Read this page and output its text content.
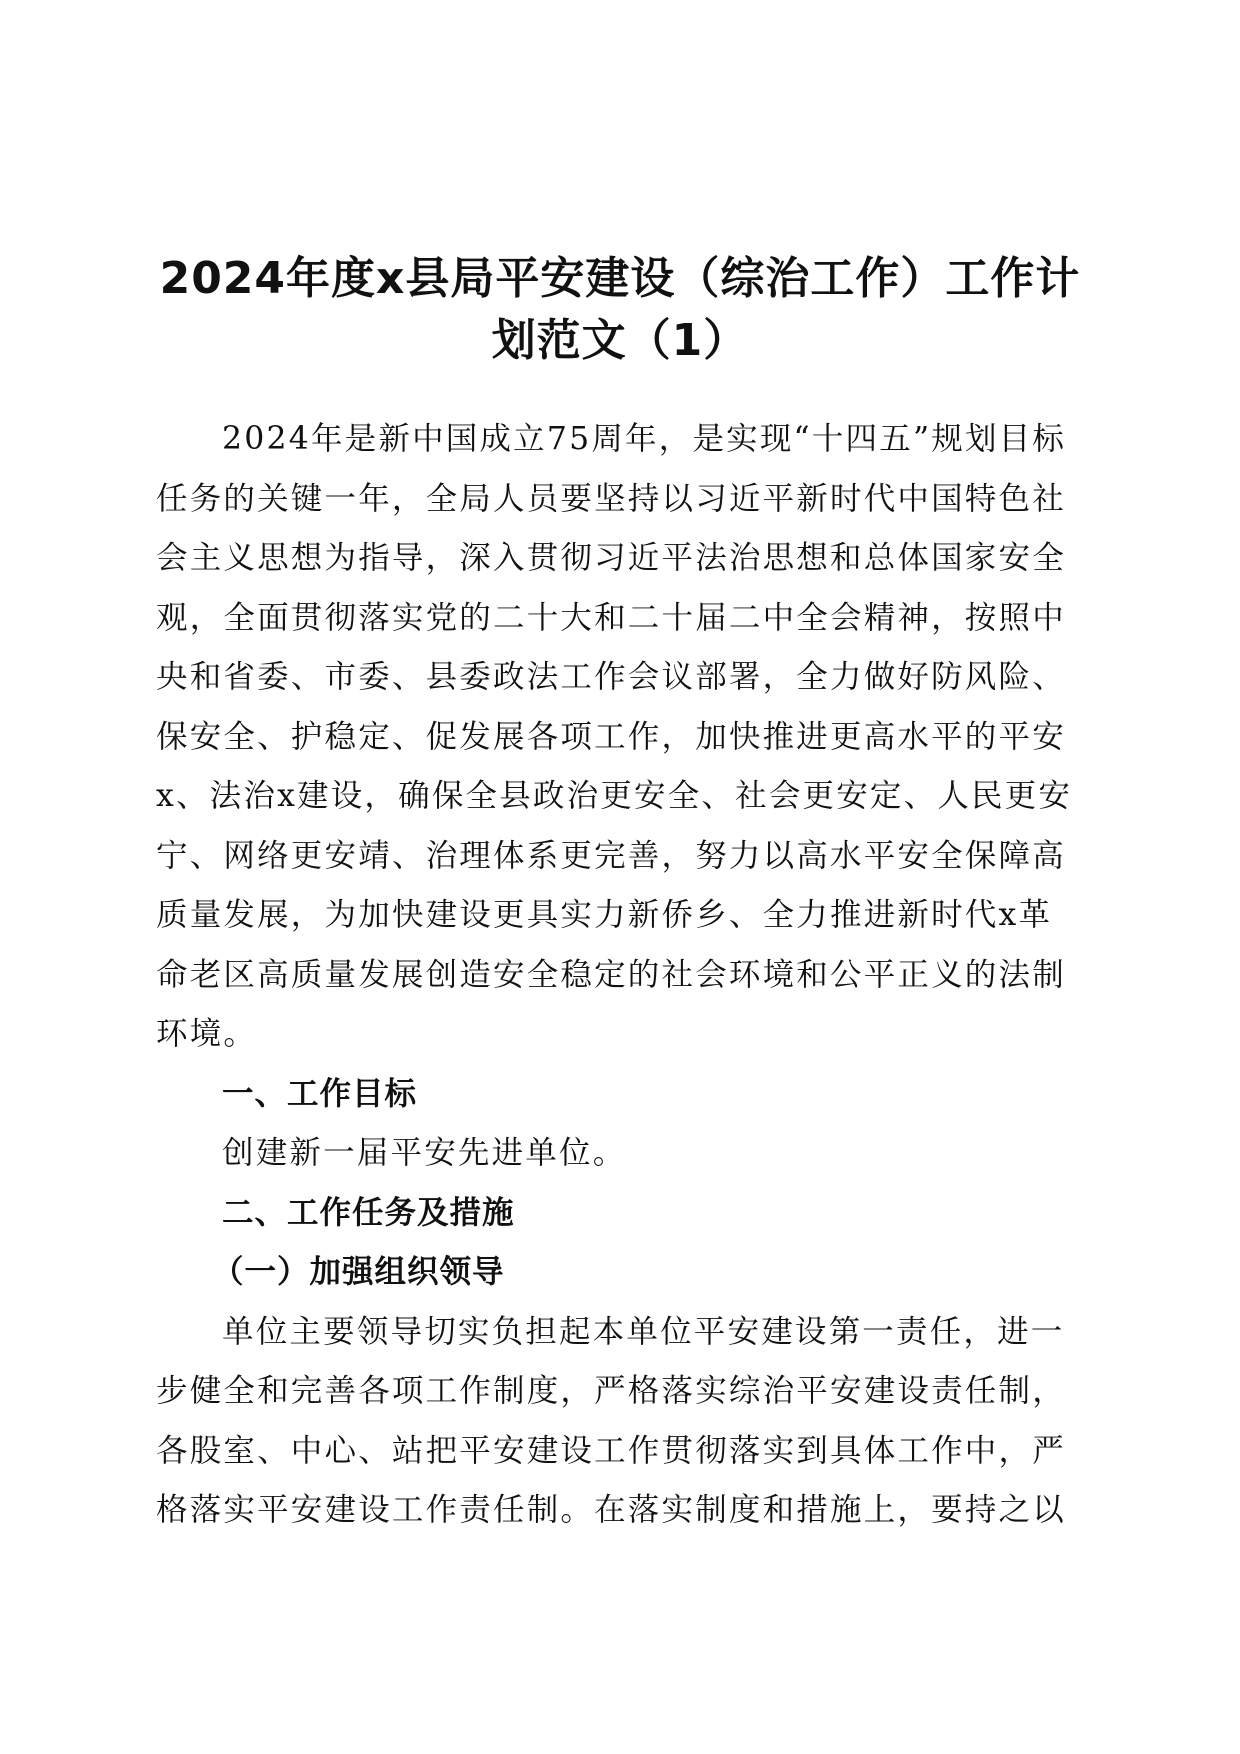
2024年度x县局平安建设（综治工作）工作计
划范文（1）
2024年是新中国成立75周年，是实现“十四五”规划目标
任务的关键一年，全局人员要坚持以习近平新时代中国特色社
会主义思想为指导，深入贯彻习近平法治思想和总体国家安全
观，全面贯彻落实党的二十大和二十届二中全会精神，按照中
央和省委、市委、县委政法工作会议部署，全力做好防风险、
保安全、护稳定、促发展各项工作，加快推进更高水平的平安
x、法治x建设，确保全县政治更安全、社会更安定、人民更安
宁、网络更安靖、治理体系更完善，努力以高水平安全保障高
质量发展，为加快建设更具实力新侨乡、全力推进新时代x革
命老区高质量发展创造安全稳定的社会环境和公平正义的法制
环境。
一、工作目标
创建新一届平安先进单位。
二、工作任务及措施
（一）加强组织领导
单位主要领导切实负担起本单位平安建设第一责任，进一
步健全和完善各项工作制度，严格落实综治平安建设责任制，
各股室、中心、站把平安建设工作贯彻落实到具体工作中，严
格落实平安建设工作责任制。在落实制度和措施上，要持之以
